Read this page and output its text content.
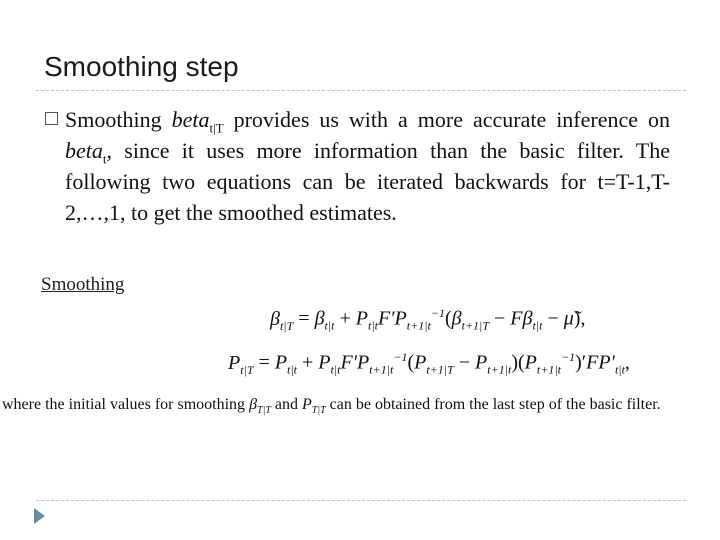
Smoothing step

Smoothing beta$_{t|T}$ provides us with a more accurate inference on beta$_t$, since it uses more information than the basic filter. The following two equations can be iterated backwards for t=T-1,T-2,…,1, to get the smoothed estimates.

Smoothing
$\beta_{t|T} = \beta_{t|t} + P_{t|t}F'P_{t+1|t}^{-1}(\beta_{t+1|T} - F\beta_{t|t}$ − μ̃),
$P_{t|T} = P_{t|t} + P_{t|t}F'P_{t+1|t}^{-1}(P_{t+1|T} - P_{t+1|t})(P_{t+1|t}^{-1})'FP'_{t|t}$,
where the initial values for smoothing $\beta_{T|T}$ and $P_{T|T}$ can be obtained from the last step of the basic filter.
